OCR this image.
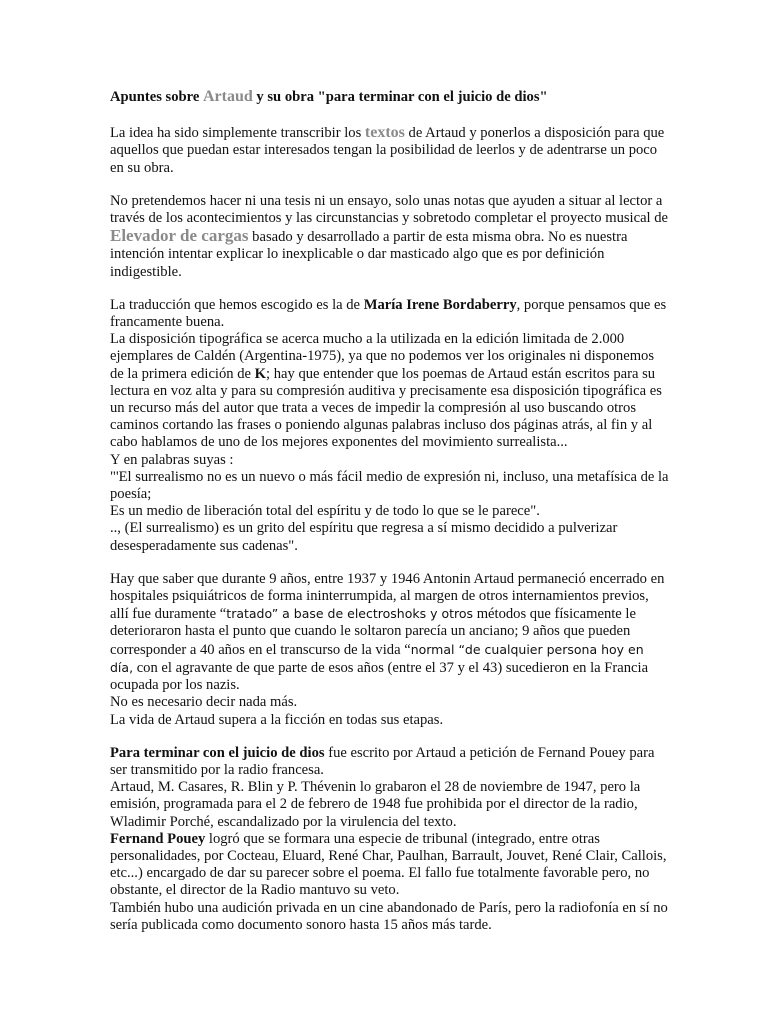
Apuntes sobre Artaud y su obra "para terminar con el juicio de dios"

La idea ha sido simplemente transcribir los textos de Artaud y ponerlos a disposición para que aquellos que puedan estar interesados tengan la posibilidad de leerlos y de adentrarse un poco en su obra.

No pretendemos hacer ni una tesis ni un ensayo, solo unas notas que ayuden a situar al lector a través de los acontecimientos y las circunstancias y sobretodo completar el proyecto musical de Elevador de cargas basado y desarrollado a partir de esta misma obra. No es nuestra intención intentar explicar lo inexplicable o dar masticado algo que es por definición indigestible.

La traducción que hemos escogido es la de María Irene Bordaberry, porque pensamos que es francamente buena.
La disposición tipográfica se acerca mucho a la utilizada en la edición limitada de 2.000 ejemplares de Caldén (Argentina-1975), ya que no podemos ver los originales ni disponemos de la primera edición de K; hay que entender que los poemas de Artaud están escritos para su lectura en voz alta y para su compresión auditiva y precisamente esa disposición tipográfica es un recurso más del autor que trata a veces de impedir la compresión al uso buscando otros caminos cortando las frases o poniendo algunas palabras incluso dos páginas atrás, al fin y al cabo hablamos de uno de los mejores exponentes del movimiento surrealista...
Y en palabras suyas :
"'El surrealismo no es un nuevo o más fácil medio de expresión ni, incluso, una metafísica de la poesía;
Es un medio de liberación total del espíritu y de todo lo que se le parece".
.., (El surrealismo) es un grito del espíritu que regresa a sí mismo decidido a pulverizar desesperadamente sus cadenas".

Hay que saber que durante 9 años, entre 1937 y 1946 Antonin Artaud permaneció encerrado en hospitales psiquiátricos de forma ininterrumpida, al margen de otros internamientos previos, allí fue duramente “tratado” a base de electroshoks y otros métodos que físicamente le deterioraron hasta el punto que cuando le soltaron parecía un anciano; 9 años que pueden corresponder a 40 años en el transcurso de la vida “normal “de cualquier persona hoy en día, con el agravante de que parte de esos años (entre el 37 y el 43) sucedieron en la Francia ocupada por los nazis.
No es necesario decir nada más.
La vida de Artaud supera a la ficción en todas sus etapas.

Para terminar con el juicio de dios fue escrito por Artaud a petición de Fernand Pouey para ser transmitido por la radio francesa.
Artaud, M. Casares, R. Blin y P. Thévenin lo grabaron el 28 de noviembre de 1947, pero la emisión, programada para el 2 de febrero de 1948 fue prohibida por el director de la radio, Wladimir Porché, escandalizado por la virulencia del texto.
Fernand Pouey logró que se formara una especie de tribunal (integrado, entre otras personalidades, por Cocteau, Eluard, René Char, Paulhan, Barrault, Jouvet, René Clair, Callois, etc...) encargado de dar su parecer sobre el poema. El fallo fue totalmente favorable pero, no obstante, el director de la Radio mantuvo su veto.
También hubo una audición privada en un cine abandonado de París, pero la radiofonía en sí no sería publicada como documento sonoro hasta 15 años más tarde.
